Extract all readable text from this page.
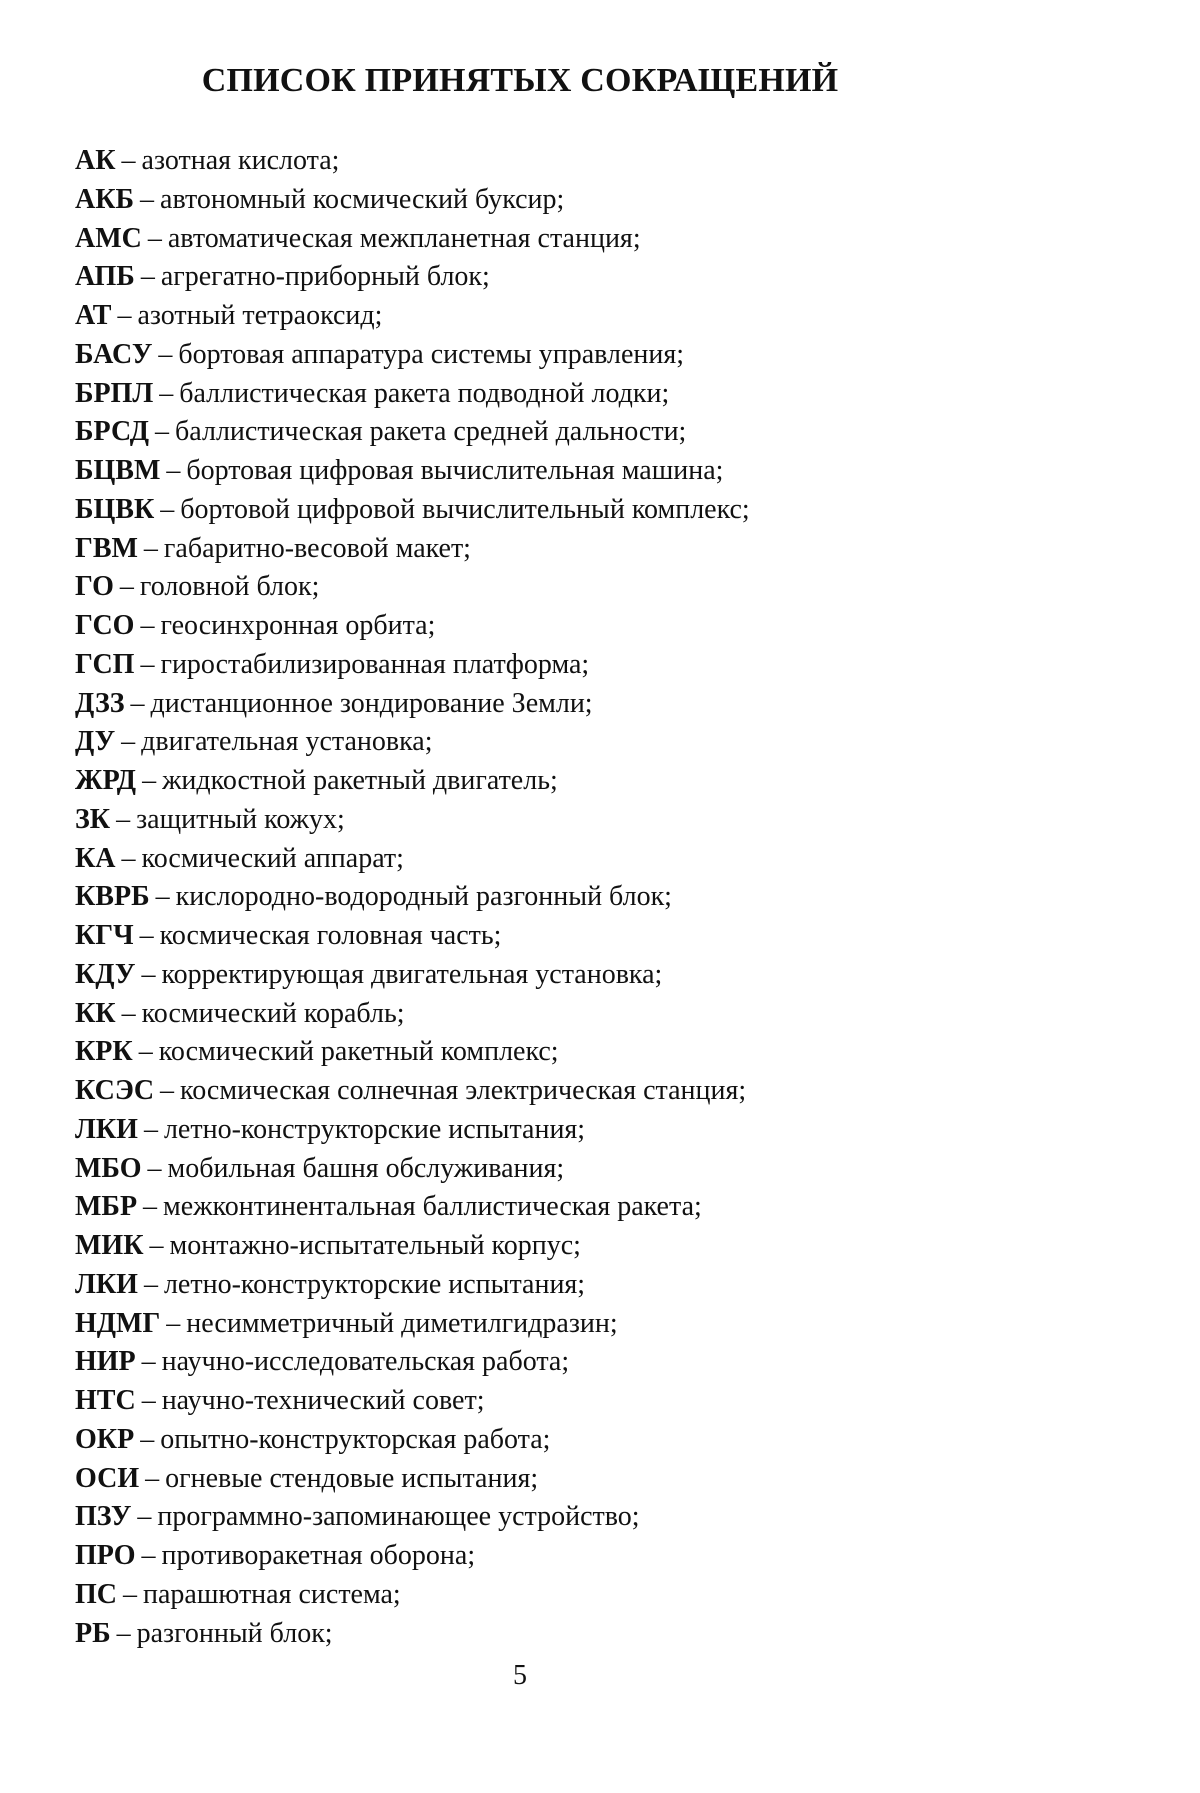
СПИСОК ПРИНЯТЫХ СОКРАЩЕНИЙ
АК – азотная кислота;
АКБ – автономный космический буксир;
АМС – автоматическая межпланетная станция;
АПБ – агрегатно-приборный блок;
АТ – азотный тетраоксид;
БАСУ – бортовая аппаратура системы управления;
БРПЛ – баллистическая ракета подводной лодки;
БРСД – баллистическая ракета средней дальности;
БЦВМ – бортовая цифровая вычислительная машина;
БЦВК – бортовой цифровой вычислительный комплекс;
ГВМ – габаритно-весовой макет;
ГО – головной блок;
ГСО – геосинхронная орбита;
ГСП – гиростабилизированная платформа;
ДЗЗ – дистанционное зондирование Земли;
ДУ – двигательная установка;
ЖРД – жидкостной ракетный двигатель;
ЗК – защитный кожух;
КА – космический аппарат;
КВРБ – кислородно-водородный разгонный блок;
КГЧ – космическая головная часть;
КДУ – корректирующая двигательная установка;
КК – космический корабль;
КРК – космический ракетный комплекс;
КСЭС – космическая солнечная электрическая станция;
ЛКИ – летно-конструкторские испытания;
МБО – мобильная башня обслуживания;
МБР – межконтинентальная баллистическая ракета;
МИК – монтажно-испытательный корпус;
ЛКИ – летно-конструкторские испытания;
НДМГ – несимметричный диметилгидразин;
НИР – научно-исследовательская работа;
НТС – научно-технический совет;
ОКР – опытно-конструкторская работа;
ОСИ – огневые стендовые испытания;
ПЗУ – программно-запоминающее устройство;
ПРО – противоракетная оборона;
ПС – парашютная система;
РБ – разгонный блок;
5
